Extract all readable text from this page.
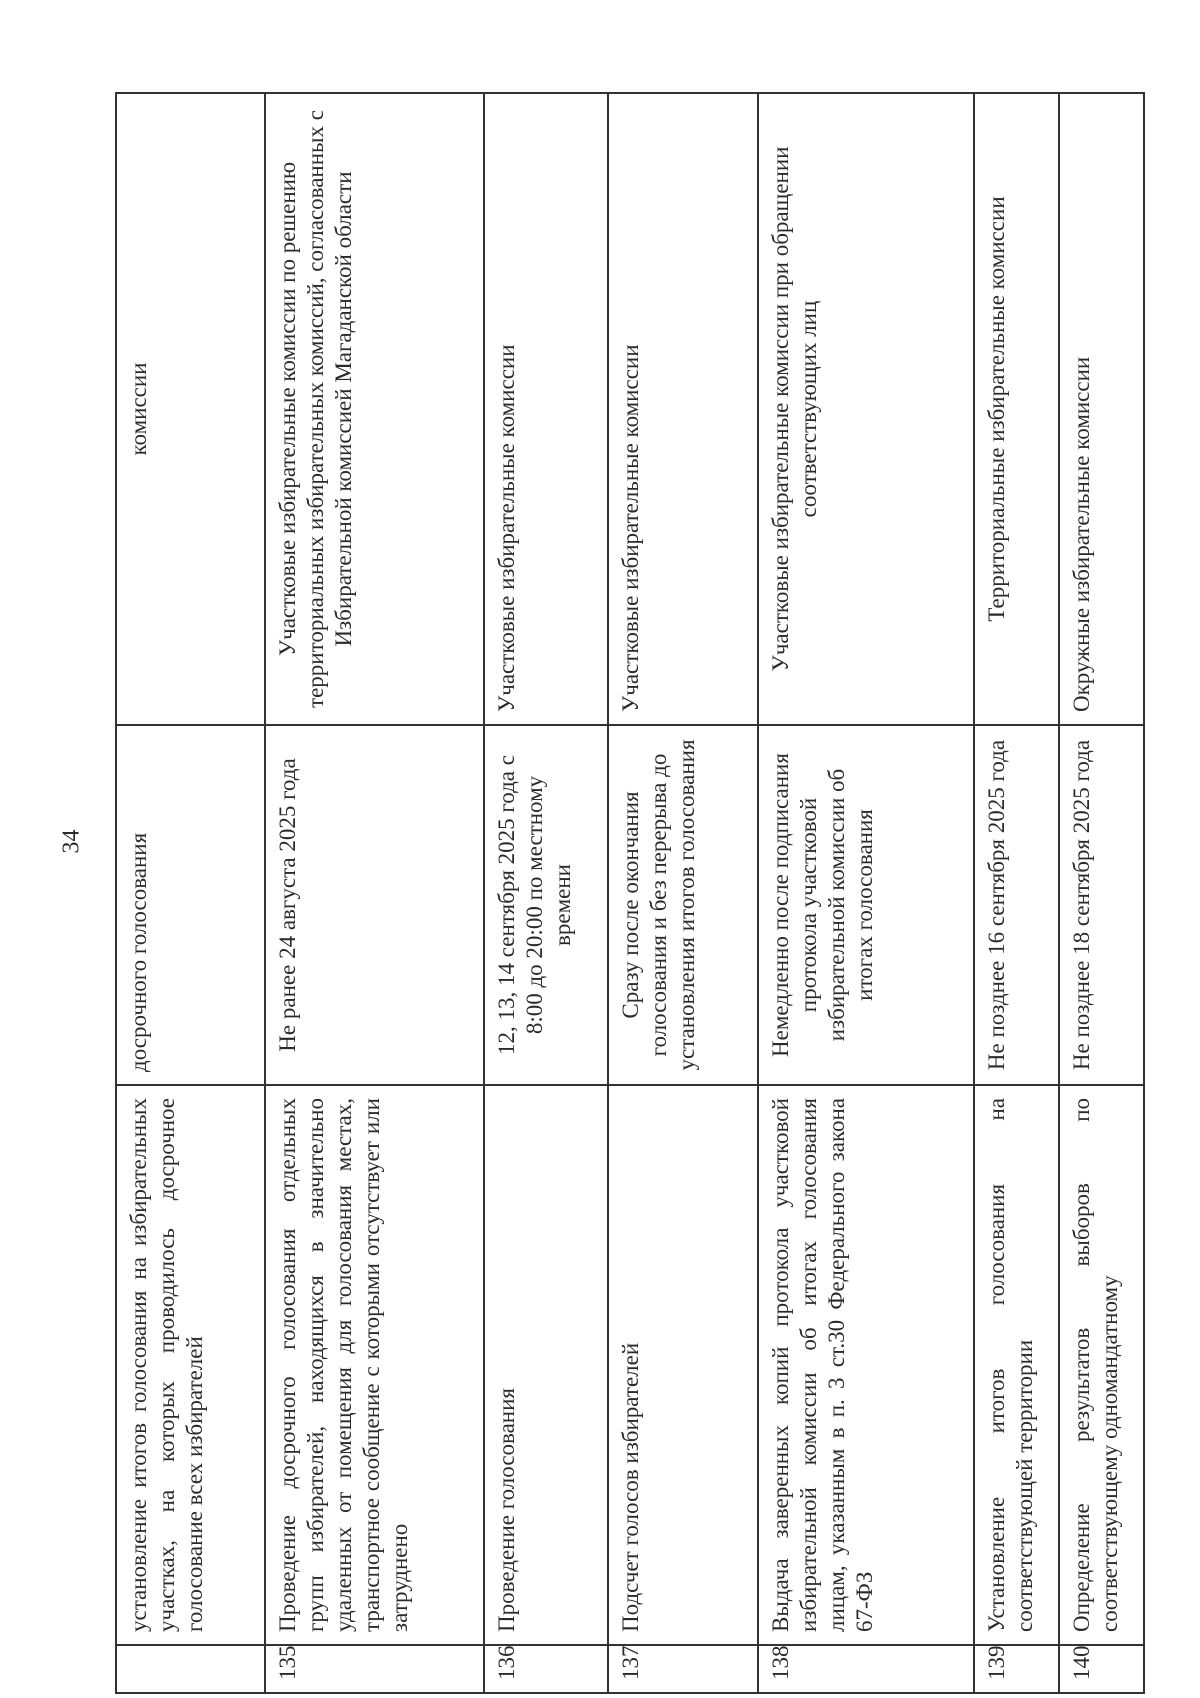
34
	установление итогов голосования на избирательных участках, на которых проводилось досрочное голосование всех избирателей	досрочного голосования	комиссии
135	Проведение досрочного голосования отдельных групп избирателей, находящихся в значительно удаленных от помещения для голосования местах, транспортное сообщение с которыми отсутствует или затруднено	Не ранее 24 августа 2025 года	Участковые избирательные комиссии по решению территориальных избирательных комиссий, согласованных с Избирательной комиссией Магаданской области
136	Проведение голосования	12, 13, 14 сентября 2025 года с 8:00 до 20:00 по местному времени	Участковые избирательные комиссии
137	Подсчет голосов избирателей	Сразу после окончания голосования и без перерыва до установления итогов голосования	Участковые избирательные комиссии
138	Выдача заверенных копий протокола участковой избирательной комиссии об итогах голосования лицам, указанным в п. 3 ст.30 Федерального закона 67-ФЗ	Немедленно после подписания протокола участковой избирательной комиссии об итогах голосования	Участковые избирательные комиссии при обращении соответствующих лиц
139	Установление итогов голосования на соответствующей территории	Не позднее 16 сентября 2025 года	Территориальные избирательные комиссии
140	Определение результатов выборов по соответствующему одномандатному	Не позднее 18 сентября 2025 года	Окружные избирательные комиссии
